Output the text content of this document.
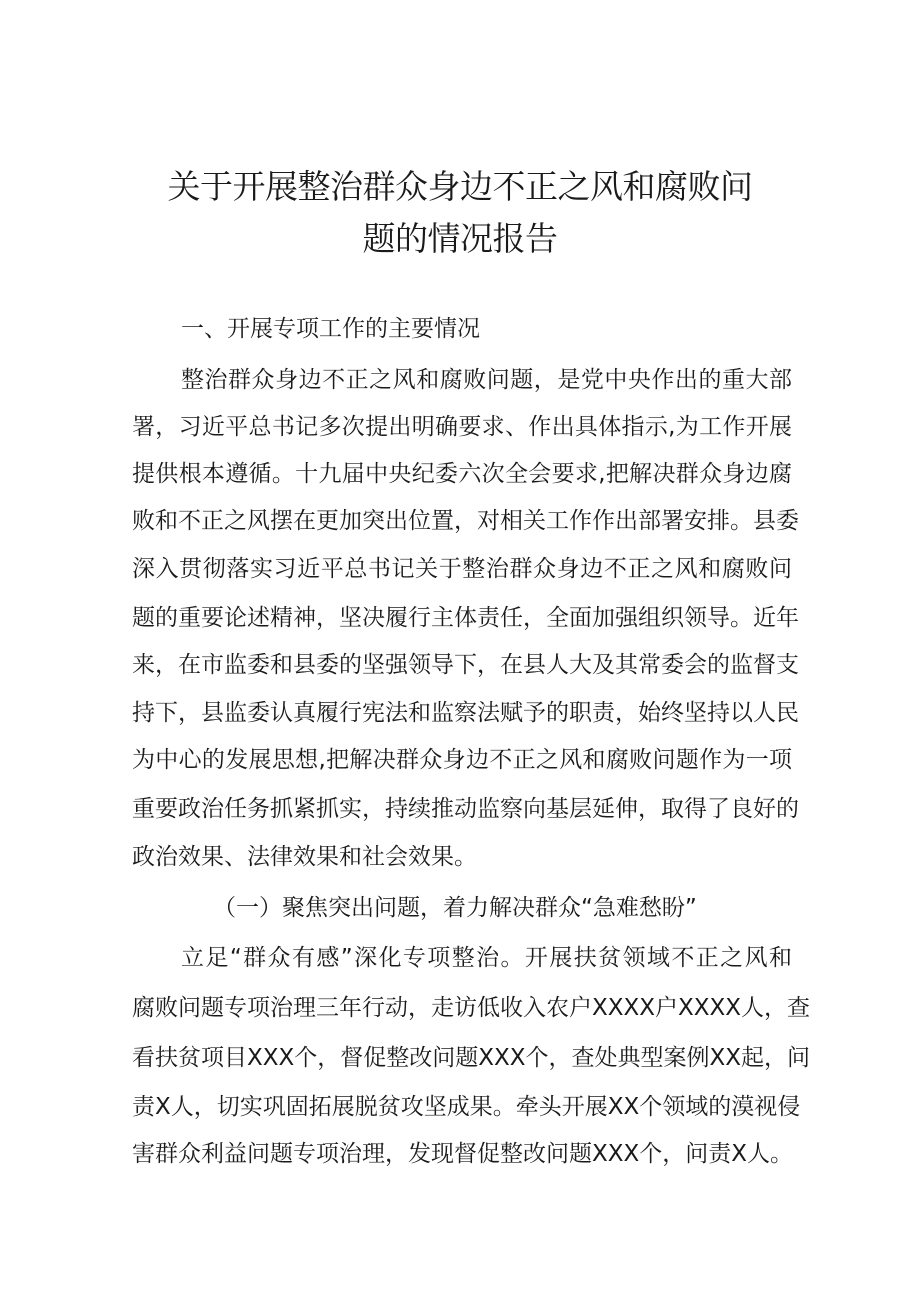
关于开展整治群众身边不正之风和腐败问
题的情况报告

一、开展专项工作的主要情况

整治群众身边不正之风和腐败问题，是党中央作出的重大部

署，习近平总书记多次提出明确要求、作出具体指示,为工作开展

提供根本遵循。十九届中央纪委六次全会要求,把解决群众身边腐

败和不正之风摆在更加突出位置，对相关工作作出部署安排。县委

深入贯彻落实习近平总书记关于整治群众身边不正之风和腐败问

题的重要论述精神，坚决履行主体责任，全面加强组织领导。近年

来，在市监委和县委的坚强领导下，在县人大及其常委会的监督支

持下，县监委认真履行宪法和监察法赋予的职责，始终坚持以人民

为中心的发展思想,把解决群众身边不正之风和腐败问题作为一项

重要政治任务抓紧抓实，持续推动监察向基层延伸，取得了良好的

政治效果、法律效果和社会效果。

（一）聚焦突出问题，着力解决群众“急难愁盼”

立足“群众有感”深化专项整治。开展扶贫领域不正之风和

腐败问题专项治理三年行动，走访低收入农户XXXX户XXXX人，查

看扶贫项目XXX个，督促整改问题XXX个，查处典型案例XX起，问

责X人，切实巩固拓展脱贫攻坚成果。牵头开展XX个领域的漠视侵

害群众利益问题专项治理，发现督促整改问题XXX个，问责X人。
